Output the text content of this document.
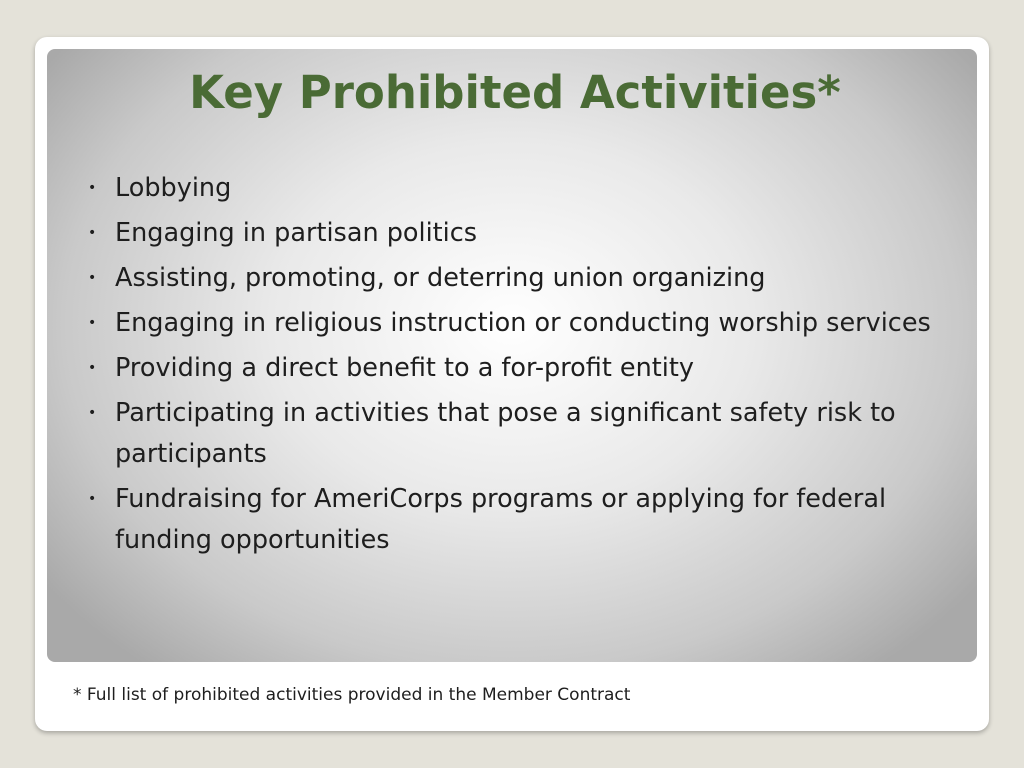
Key Prohibited Activities*
• Lobbying
• Engaging in partisan politics
• Assisting, promoting, or deterring union organizing
• Engaging in religious instruction or conducting worship services
• Providing a direct benefit to a for-profit entity
• Participating in activities that pose a significant safety risk to participants
• Fundraising for AmeriCorps programs or applying for federal funding opportunities
* Full list of prohibited activities provided in the Member Contract
